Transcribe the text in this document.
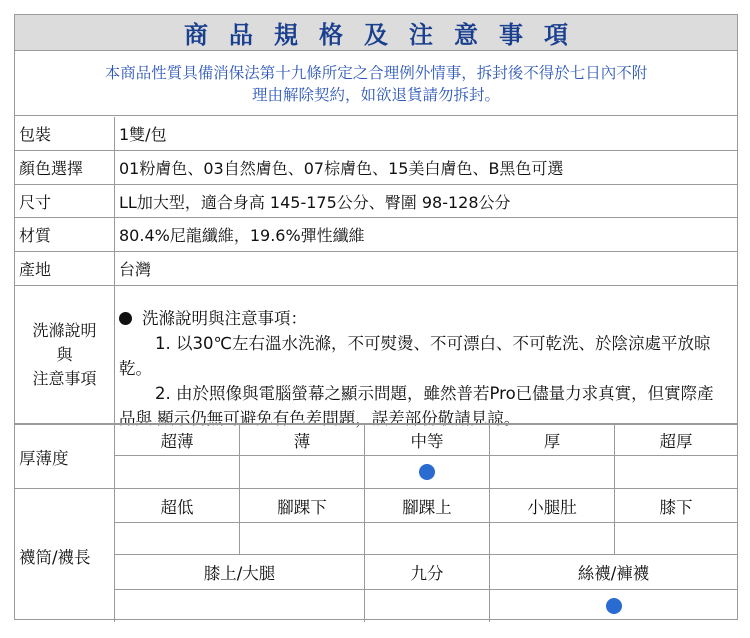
商品規格及注意事項
本商品性質具備消保法第十九條所定之合理例外情事，拆封後不得於七日內不附
理由解除契約，如欲退貨請勿拆封。
包裝	1雙/包
顏色選擇	01粉膚色、03自然膚色、07棕膚色、15美白膚色、B黑色可選
尺寸	LL加大型，適合身高 145-175公分、臀圍 98-128公分
材質	80.4%尼龍纖維，19.6%彈性纖維
產地	台灣
洗滌說明
與
注意事項

洗滌說明與注意事項：

1. 以30℃左右溫水洗滌，不可熨燙、不可漂白、不可乾洗、於陰涼處平放晾乾。

2. 由於照像與電腦螢幕之顯示問題，雖然普若Pro已儘量力求真實，但實際產品與 顯示仍無可避免有色差問題，誤差部份敬請見諒。

厚薄度
超薄	薄	中等	厚	超厚
襪筒/襪長
超低	腳踝下	腳踝上	小腿肚	膝下
膝上/大腿	九分	絲襪/褲襪
